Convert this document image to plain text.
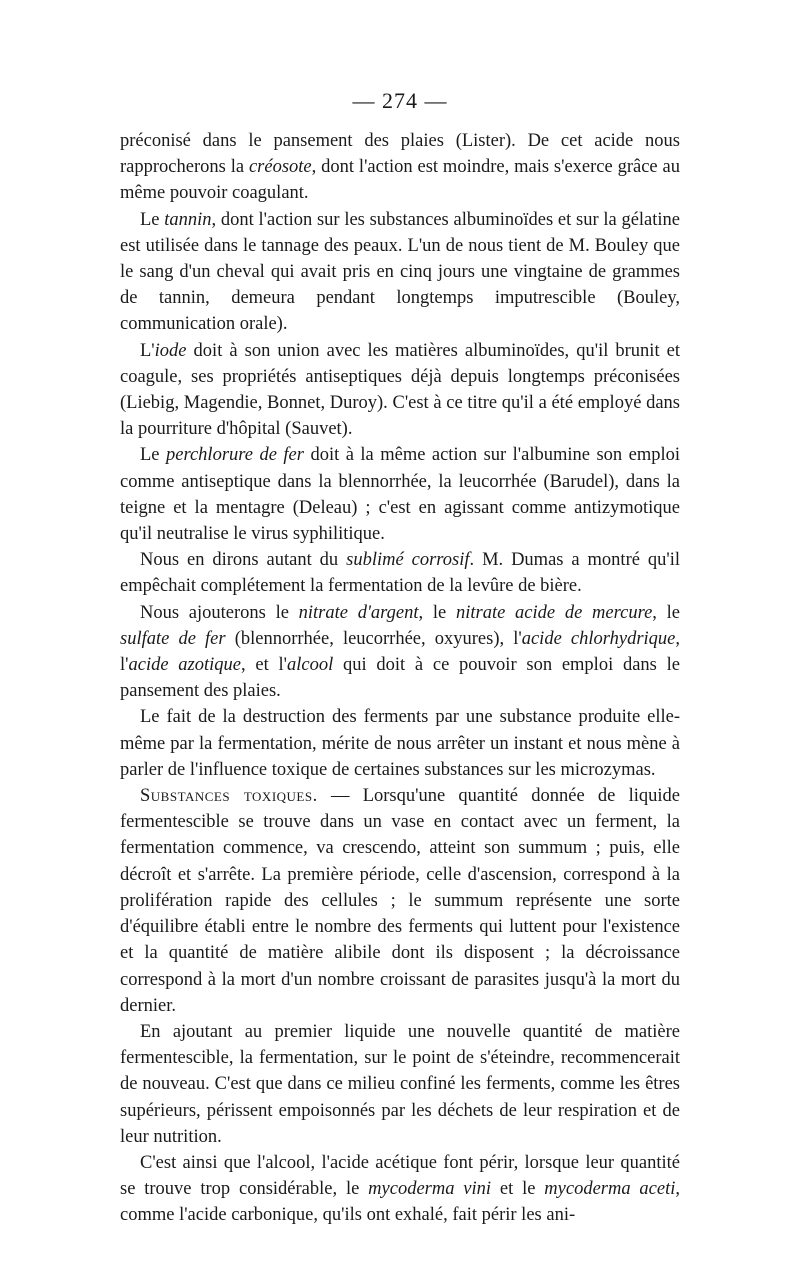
— 274 —

préconisé dans le pansement des plaies (Lister). De cet acide nous rapprocherons la créosote, dont l'action est moindre, mais s'exerce grâce au même pouvoir coagulant.

Le tannin, dont l'action sur les substances albuminoïdes et sur la gélatine est utilisée dans le tannage des peaux. L'un de nous tient de M. Bouley que le sang d'un cheval qui avait pris en cinq jours une vingtaine de grammes de tannin, demeura pendant longtemps imputrescible (Bouley, communication orale).

L'iode doit à son union avec les matières albuminoïdes, qu'il brunit et coagule, ses propriétés antiseptiques déjà depuis longtemps préconisées (Liebig, Magendie, Bonnet, Duroy). C'est à ce titre qu'il a été employé dans la pourriture d'hôpital (Sauvet).

Le perchlorure de fer doit à la même action sur l'albumine son emploi comme antiseptique dans la blennorrhée, la leucorrhée (Barudel), dans la teigne et la mentagre (Deleau) ; c'est en agissant comme antizymotique qu'il neutralise le virus syphilitique.

Nous en dirons autant du sublimé corrosif. M. Dumas a montré qu'il empêchait complétement la fermentation de la levûre de bière.

Nous ajouterons le nitrate d'argent, le nitrate acide de mercure, le sulfate de fer (blennorrhée, leucorrhée, oxyures), l'acide chlorhydrique, l'acide azotique, et l'alcool qui doit à ce pouvoir son emploi dans le pansement des plaies.

Le fait de la destruction des ferments par une substance produite elle-même par la fermentation, mérite de nous arrêter un instant et nous mène à parler de l'influence toxique de certaines substances sur les microzymas.

Substances toxiques. — Lorsqu'une quantité donnée de liquide fermentescible se trouve dans un vase en contact avec un ferment, la fermentation commence, va crescendo, atteint son summum ; puis, elle décroît et s'arrête. La première période, celle d'ascension, correspond à la prolifération rapide des cellules ; le summum représente une sorte d'équilibre établi entre le nombre des ferments qui luttent pour l'existence et la quantité de matière alibile dont ils disposent ; la décroissance correspond à la mort d'un nombre croissant de parasites jusqu'à la mort du dernier.

En ajoutant au premier liquide une nouvelle quantité de matière fermentescible, la fermentation, sur le point de s'éteindre, recommencerait de nouveau. C'est que dans ce milieu confiné les ferments, comme les êtres supérieurs, périssent empoisonnés par les déchets de leur respiration et de leur nutrition.

C'est ainsi que l'alcool, l'acide acétique font périr, lorsque leur quantité se trouve trop considérable, le mycoderma vini et le mycoderma aceti, comme l'acide carbonique, qu'ils ont exhalé, fait périr les ani-
